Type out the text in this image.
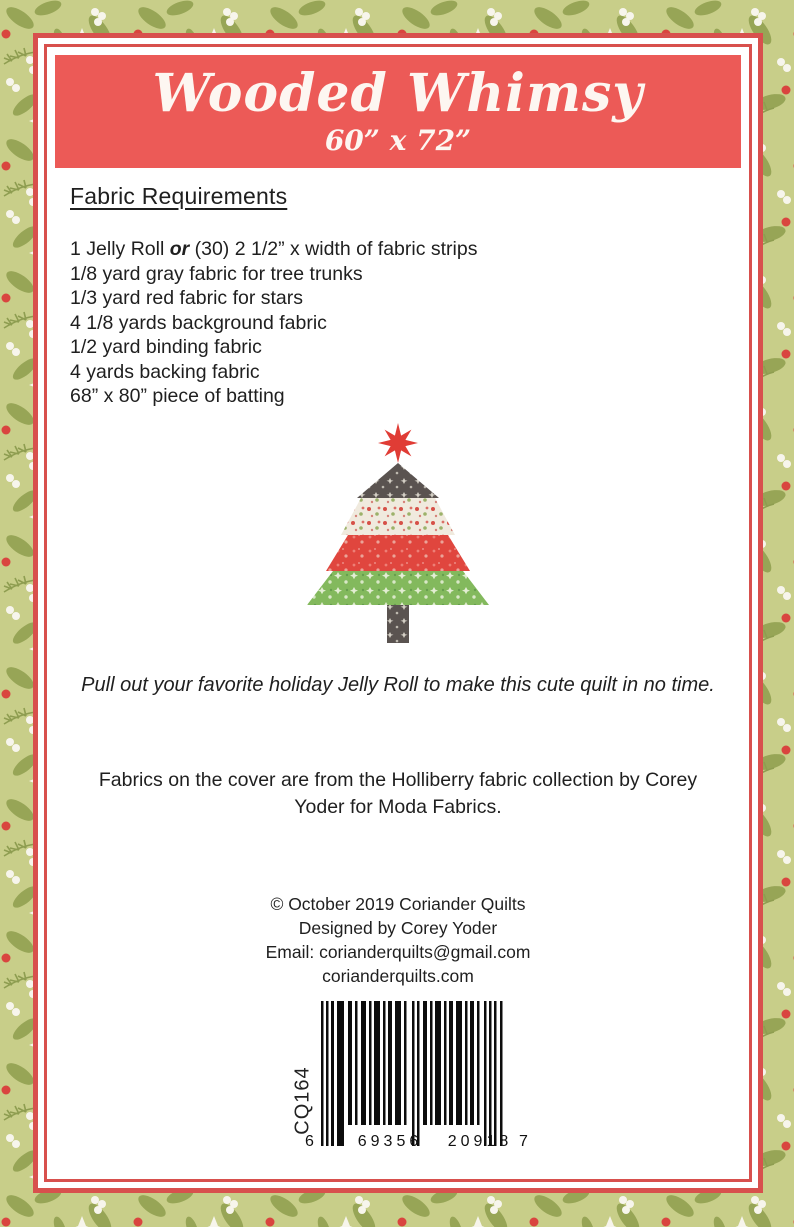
Wooded Whimsy
60” x 72”
Fabric Requirements
1 Jelly Roll or (30) 2 1/2” x width of fabric strips
1/8 yard gray fabric for tree trunks
1/3 yard red fabric for stars
4 1/8 yards background fabric
1/2 yard binding fabric
4 yards backing fabric
68” x 80” piece of batting

Pull out your favorite holiday Jelly Roll to make this cute quilt in no time.

Fabrics on the cover are from the Holliberry fabric collection by Corey Yoder for Moda Fabrics.

© October 2019 Coriander Quilts
Designed by Corey Yoder
Email: corianderquilts@gmail.com
corianderquilts.com
CQ164
6	69356	20918 7
